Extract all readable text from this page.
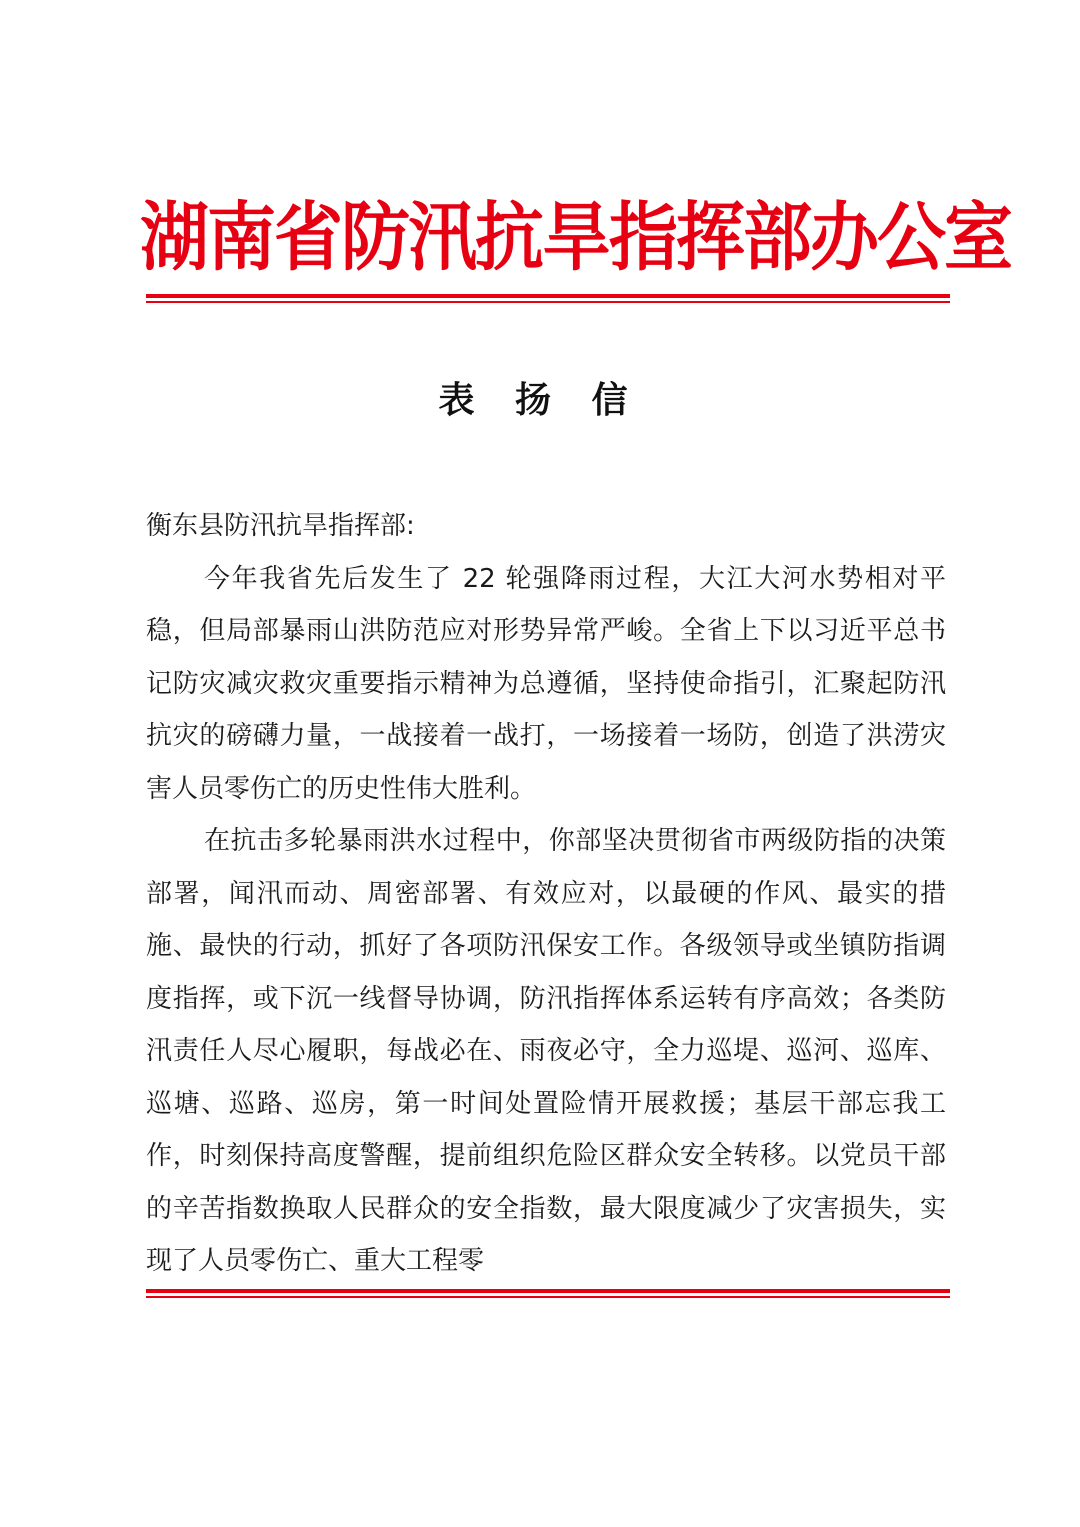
湖南省防汛抗旱指挥部办公室
表 扬 信

衡东县防汛抗旱指挥部:

今年我省先后发生了 22 轮强降雨过程，大江大河水势相对平稳，但局部暴雨山洪防范应对形势异常严峻。全省上下以习近平总书记防灾减灾救灾重要指示精神为总遵循，坚持使命指引，汇聚起防汛抗灾的磅礴力量，一战接着一战打，一场接着一场防，创造了洪涝灾害人员零伤亡的历史性伟大胜利。

在抗击多轮暴雨洪水过程中，你部坚决贯彻省市两级防指的决策部署，闻汛而动、周密部署、有效应对，以最硬的作风、最实的措施、最快的行动，抓好了各项防汛保安工作。各级领导或坐镇防指调度指挥，或下沉一线督导协调，防汛指挥体系运转有序高效；各类防汛责任人尽心履职，每战必在、雨夜必守，全力巡堤、巡河、巡库、巡塘、巡路、巡房，第一时间处置险情开展救援；基层干部忘我工作，时刻保持高度警醒，提前组织危险区群众安全转移。以党员干部的辛苦指数换取人民群众的安全指数，最大限度减少了灾害损失，实现了人员零伤亡、重大工程零
